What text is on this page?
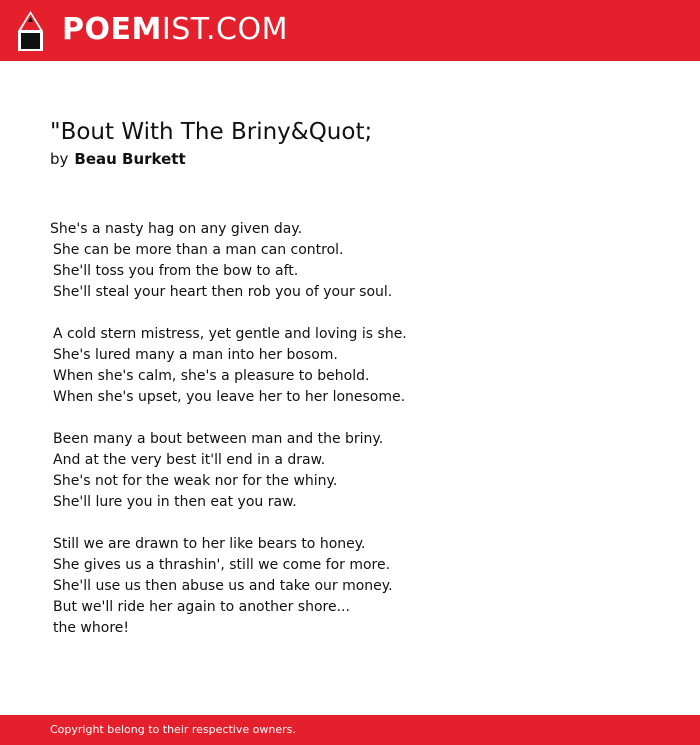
POEMIST.COM
"Bout With The Briny&Quot;
by Beau Burkett
She's a nasty hag on any given day.
She can be more than a man can control.
She'll toss you from the bow to aft.
She'll steal your heart then rob you of your soul.
A cold stern mistress, yet gentle and loving is she.
She's lured many a man into her bosom.
When she's calm, she's a pleasure to behold.
When she's upset, you leave her to her lonesome.
Been many a bout between man and the briny.
And at the very best it'll end in a draw.
She's not for the weak nor for the whiny.
She'll lure you in then eat you raw.
Still we are drawn to her like bears to honey.
She gives us a thrashin', still we come for more.
She'll use us then abuse us and take our money.
But we'll ride her again to another shore...
the whore!
Copyright belong to their respective owners.
